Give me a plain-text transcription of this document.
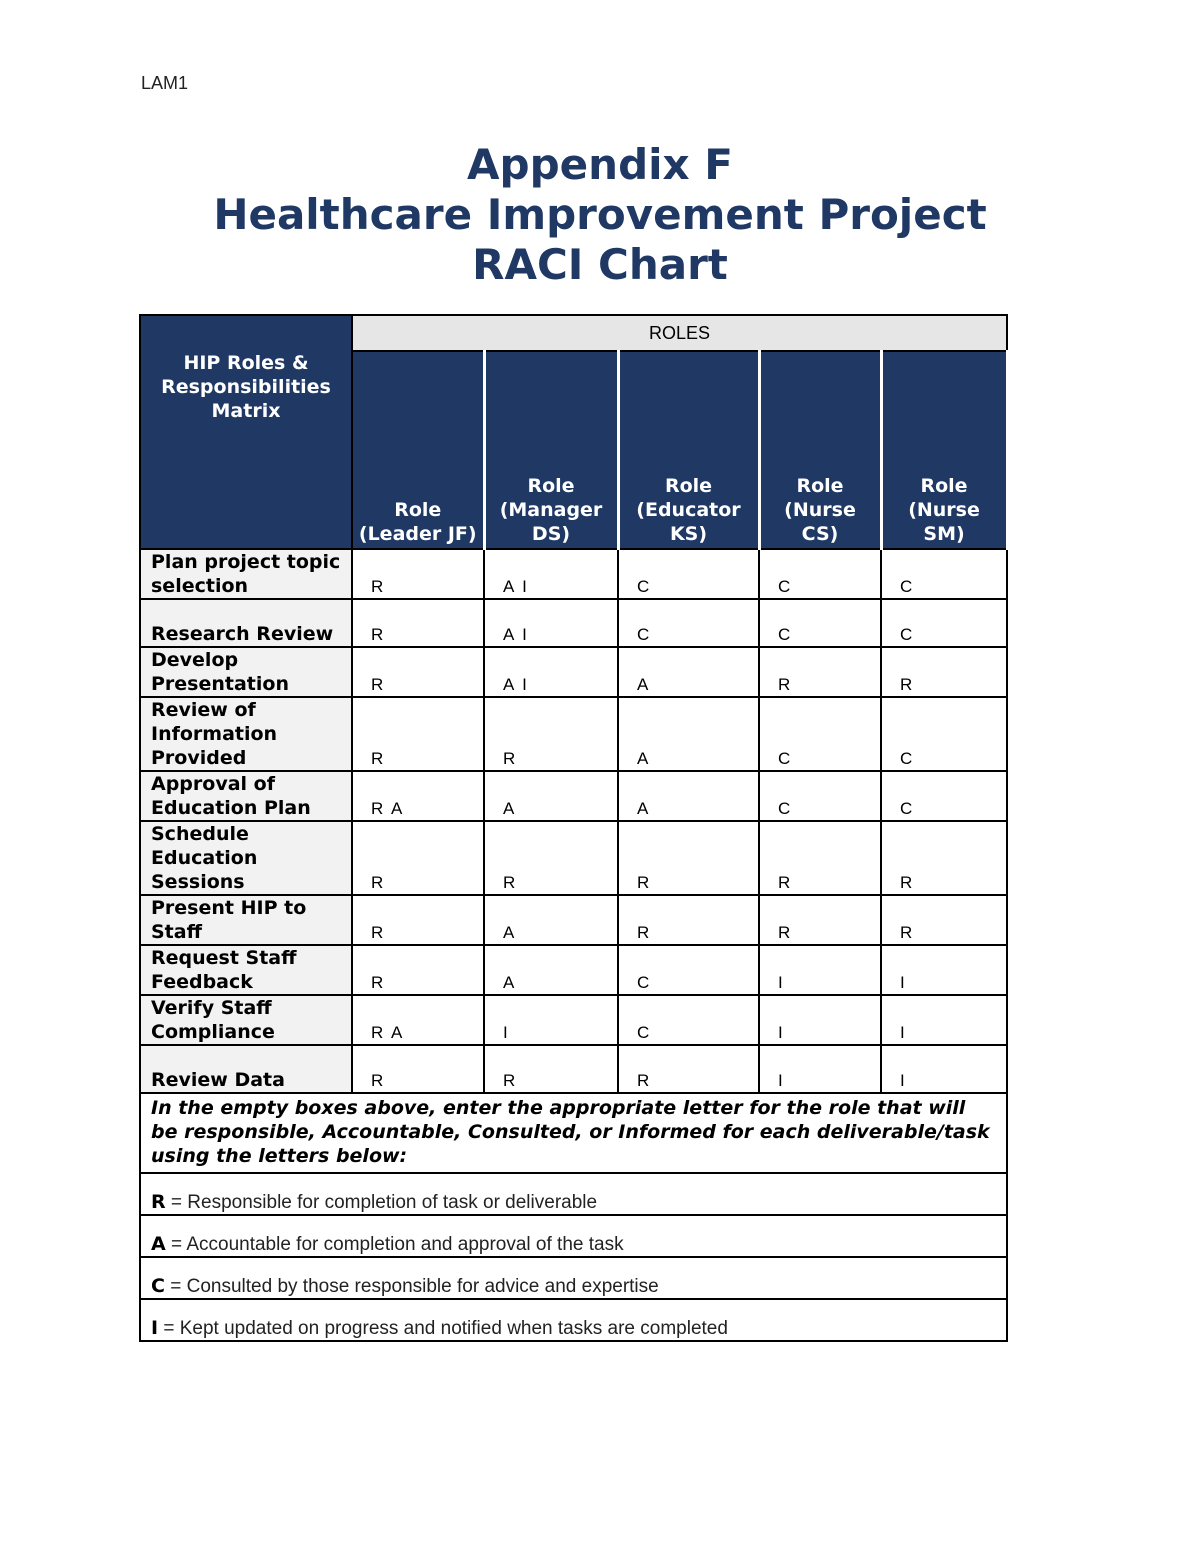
LAM1
Appendix F
Healthcare Improvement Project
RACI Chart
HIP Roles & Responsibilities Matrix	ROLES				

	Role (Leader JF)	Role (Manager DS)	Role (Educator KS)	Role (Nurse CS)	Role (Nurse SM)

Plan project topic selection	R	A I	C	C	C

Research Review	R	A I	C	C	C

Develop Presentation	R	A I	A	R	R

Review of Information Provided	R	R	A	C	C

Approval of Education Plan	R A	A	A	C	C

Schedule Education Sessions	R	R	R	R	R

Present HIP to Staff	R	A	R	R	R

Request Staff Feedback	R	A	C	I	I

Verify Staff Compliance	R A	I	C	I	I

Review Data	R	R	R	I	I
In the empty boxes above, enter the appropriate letter for the role that will be responsible, Accountable, Consulted, or Informed for each deliverable/task using the letters below:					
R = Responsible for completion of task or deliverable					
A = Accountable for completion and approval of the task					
C = Consulted by those responsible for advice and expertise					
I = Kept updated on progress and notified when tasks are completed					
